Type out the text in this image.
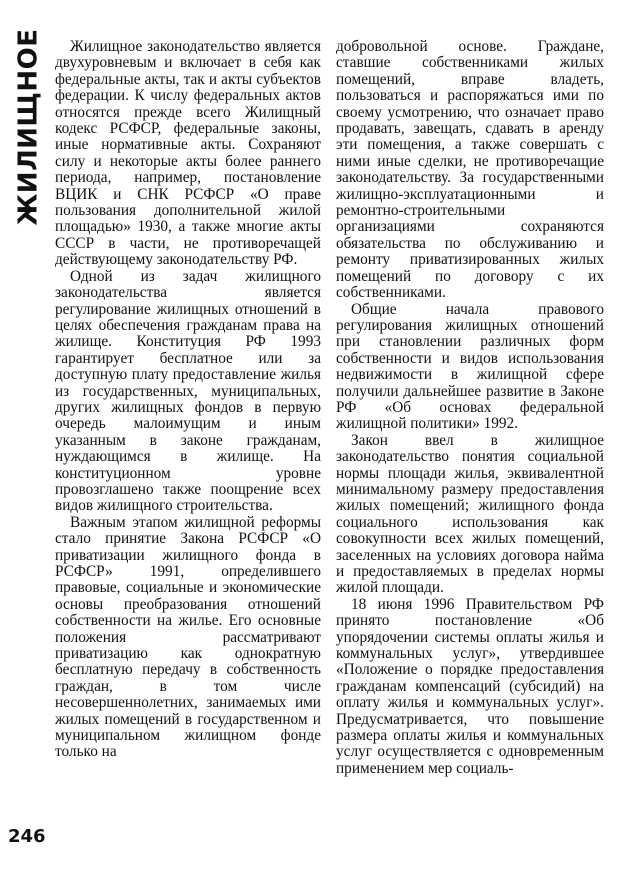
ЖИЛИЩНОЕ	Жилищное законодательство является двухуровневым и включает в себя как федеральные акты, так и акты субъектов федерации. К числу федеральных актов относятся прежде всего Жилищный кодекс РСФСР, федеральные законы, иные нормативные акты. Сохраняют силу и некоторые акты более раннего периода, например, постановление ВЦИК и СНК РСФСР «О праве пользования дополнительной жилой площадью» 1930, а также многие акты СССР в части, не противоречащей действующему законодательству РФ.

Одной из задач жилищного законодательства является регулирование жилищных отношений в целях обеспечения гражданам права на жилище. Конституция РФ 1993 гарантирует бесплатное или за доступную плату предоставление жилья из государственных, муниципальных, других жилищных фондов в первую очередь малоимущим и иным указанным в законе гражданам, нуждающимся в жилище. На конституционном уровне провозглашено также поощрение всех видов жилищного строительства.

Важным этапом жилищной реформы стало принятие Закона РСФСР «О приватизации жилищного фонда в РСФСР» 1991, определившего правовые, социальные и экономические основы преобразования отношений собственности на жилье. Его основные положения рассматривают приватизацию как однократную бесплатную передачу в собственность граждан, в том числе несовершеннолетних, занимаемых ими жилых помещений в государственном и муниципальном жилищном фонде только на

добровольной основе. Граждане, ставшие собственниками жилых помещений, вправе владеть, пользоваться и распоряжаться ими по своему усмотрению, что означает право продавать, завещать, сдавать в аренду эти помещения, а также совершать с ними иные сделки, не противоречащие законодательству. За государственными жилищно-эксплуатационными и ремонтно-строительными организациями сохраняются обязательства по обслуживанию и ремонту приватизированных жилых помещений по договору с их собственниками.

Общие начала правового регулирования жилищных отношений при становлении различных форм собственности и видов использования недвижимости в жилищной сфере получили дальнейшее развитие в Законе РФ «Об основах федеральной жилищной политики» 1992.

Закон ввел в жилищное законодательство понятия социальной нормы площади жилья, эквивалентной минимальному размеру предоставления жилых помещений; жилищного фонда социального использования как совокупности всех жилых помещений, заселенных на условиях договора найма и предоставляемых в пределах нормы жилой площади.

18 июня 1996 Правительством РФ принято постановление «Об упорядочении системы оплаты жилья и коммунальных услуг», утвердившее «Положение о порядке предоставления гражданам компенсаций (субсидий) на оплату жилья и коммунальных услуг». Предусматривается, что повышение размера оплаты жилья и коммунальных услуг осуществляется с одновременным применением мер социаль-

246
